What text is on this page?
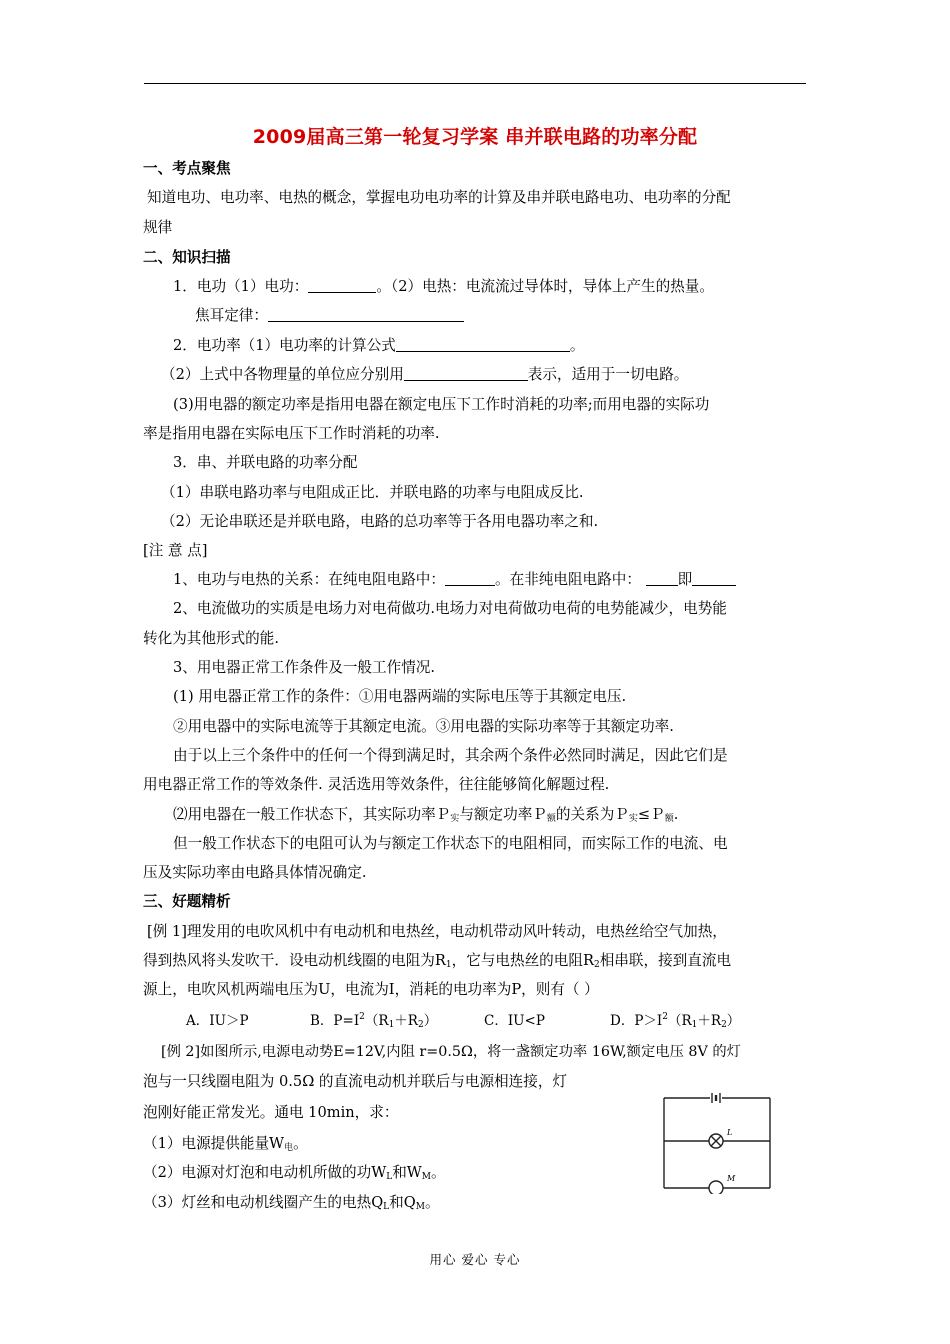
2009届高三第一轮复习学案 串并联电路的功率分配
一、考点聚焦
知道电功、电功率、电热的概念，掌握电功电功率的计算及串并联电路电功、电功率的分配
规律
二、知识扫描
1．电功（1）电功：	。（2）电热：电流流过导体时，导体上产生的热量。
焦耳定律：
2．电功率（1）电功率的计算公式	。
（2）上式中各物理量的单位应分别用	表示，适用于一切电路。
(3)用电器的额定功率是指用电器在额定电压下工作时消耗的功率;而用电器的实际功
率是指用电器在实际电压下工作时消耗的功率.
3．串、并联电路的功率分配
（1）串联电路功率与电阻成正比．并联电路的功率与电阻成反比.
（2）无论串联还是并联电路，电路的总功率等于各用电器功率之和.
[注 意 点]
1、电功与电热的关系：在纯电阻电路中：	。在非纯电阻电路中： 即
2、电流做功的实质是电场力对电荷做功.电场力对电荷做功电荷的电势能减少，电势能
转化为其他形式的能.
3、用电器正常工作条件及一般工作情况.
(1) 用电器正常工作的条件：①用电器两端的实际电压等于其额定电压.
②用电器中的实际电流等于其额定电流。③用电器的实际功率等于其额定功率.
由于以上三个条件中的任何一个得到满足时，其余两个条件必然同时满足，因此它们是
用电器正常工作的等效条件. 灵活选用等效条件，往往能够简化解题过程.
⑵用电器在一般工作状态下，其实际功率Ｐ$_实$与额定功率Ｐ$_额$的关系为Ｐ$_实$≤Ｐ$_额$.
但一般工作状态下的电阻可认为与额定工作状态下的电阻相同，而实际工作的电流、电
压及实际功率由电路具体情况确定.
三、好题精析
[例 1]理发用的电吹风机中有电动机和电热丝，电动机带动风叶转动，电热丝给空气加热，
得到热风将头发吹干．设电动机线圈的电阻为$R_1$，它与电热丝的电阻$R_2$相串联，接到直流电
源上，电吹风机两端电压为U，电流为I，消耗的电功率为P，则有（ ）
A．IU＞P	B．$P=I^2(R_1+R_2)$	C．IU<P	D．$P>I^2(R_1+R_2)$
[例 2]如图所示,电源电动势E=12V,内阻 r=0.5Ω，将一盏额定功率 16W,额定电压 8V 的灯
泡与一只线圈电阻为 0.5Ω 的直流电动机并联后与电源相连接，灯
泡刚好能正常发光。通电 10min，求：
（1）电源提供能量$W_电$。
（2）电源对灯泡和电动机所做的功$W_L$和$W_M$。
（3）灯丝和电动机线圈产生的电热$Q_L$和$Q_M$。
L
M
用心 爱心 专心
